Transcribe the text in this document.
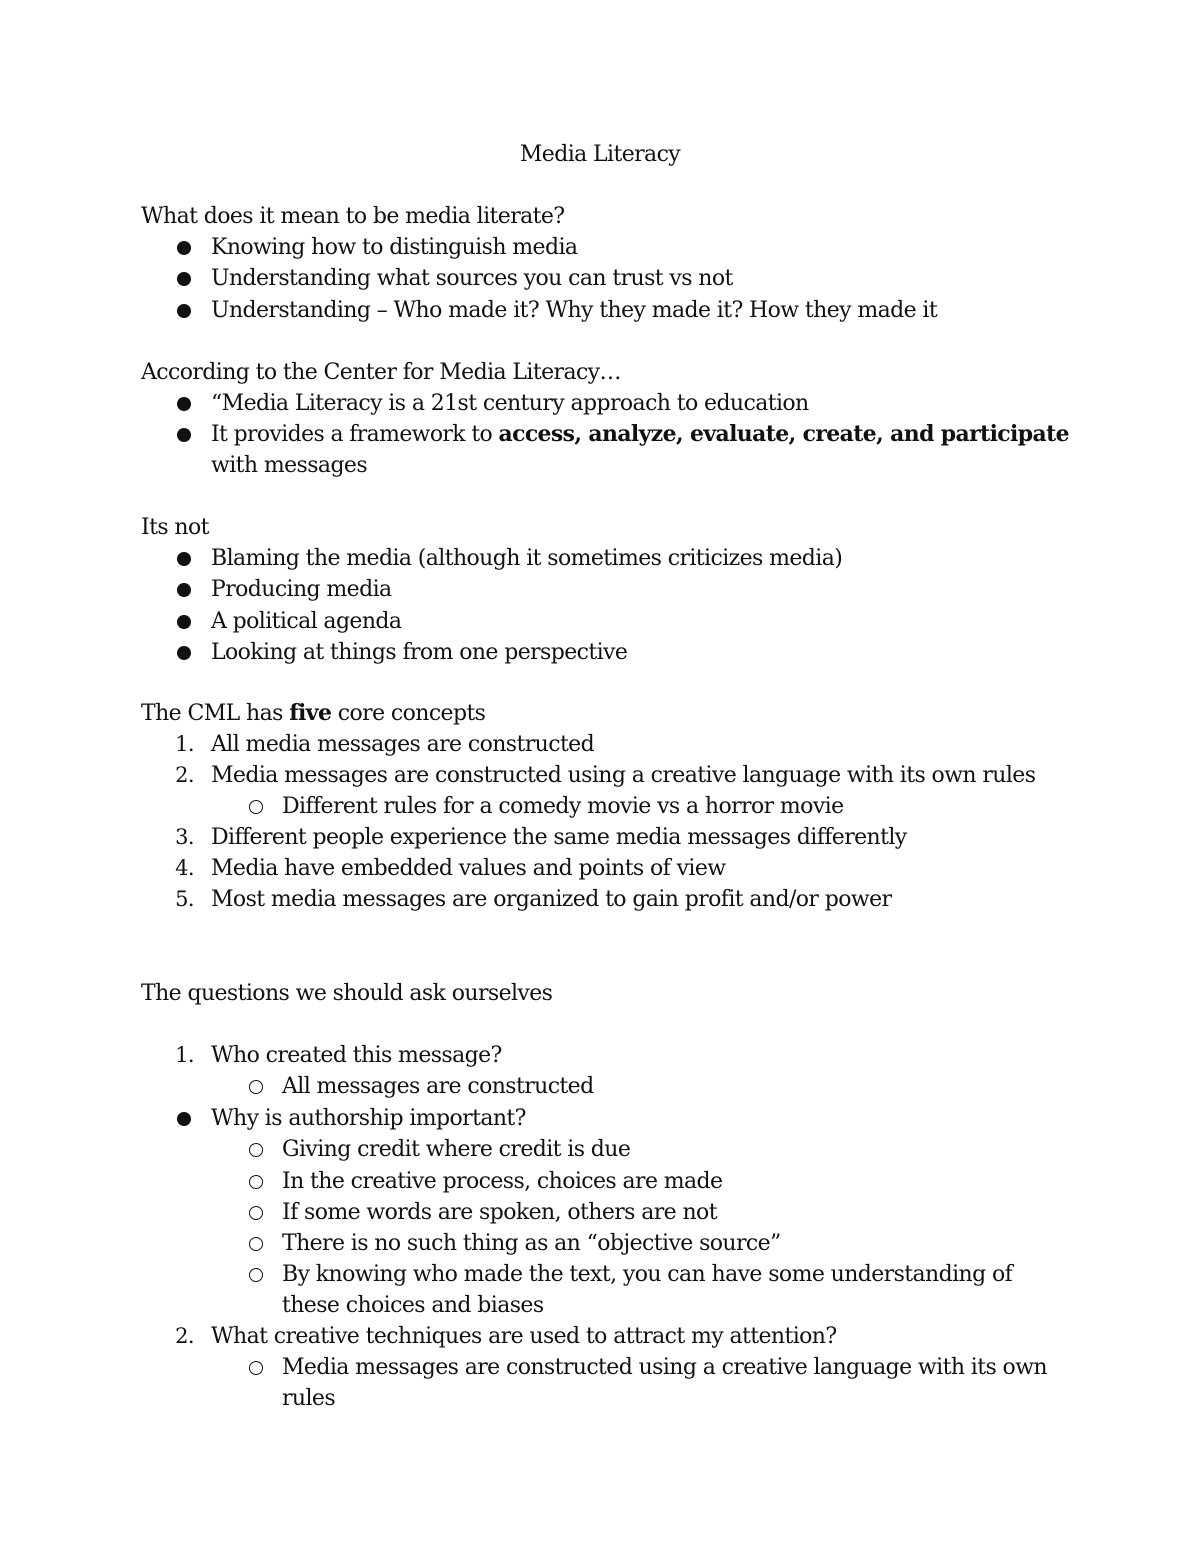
Media Literacy
What does it mean to be media literate?
Knowing how to distinguish media
Understanding what sources you can trust vs not
Understanding – Who made it? Why they made it? How they made it
According to the Center for Media Literacy…
“Media Literacy is a 21st century approach to education
It provides a framework to access, analyze, evaluate, create, and participate
with messages
Its not
Blaming the media (although it sometimes criticizes media)
Producing media
A political agenda
Looking at things from one perspective
The CML has five core concepts
1. All media messages are constructed
2. Media messages are constructed using a creative language with its own rules
Different rules for a comedy movie vs a horror movie
3. Different people experience the same media messages differently
4. Media have embedded values and points of view
5. Most media messages are organized to gain profit and/or power
The questions we should ask ourselves
1. Who created this message?
All messages are constructed
Why is authorship important?
Giving credit where credit is due
In the creative process, choices are made
If some words are spoken, others are not
There is no such thing as an “objective source”
By knowing who made the text, you can have some understanding of
these choices and biases
2. What creative techniques are used to attract my attention?
Media messages are constructed using a creative language with its own
rules
